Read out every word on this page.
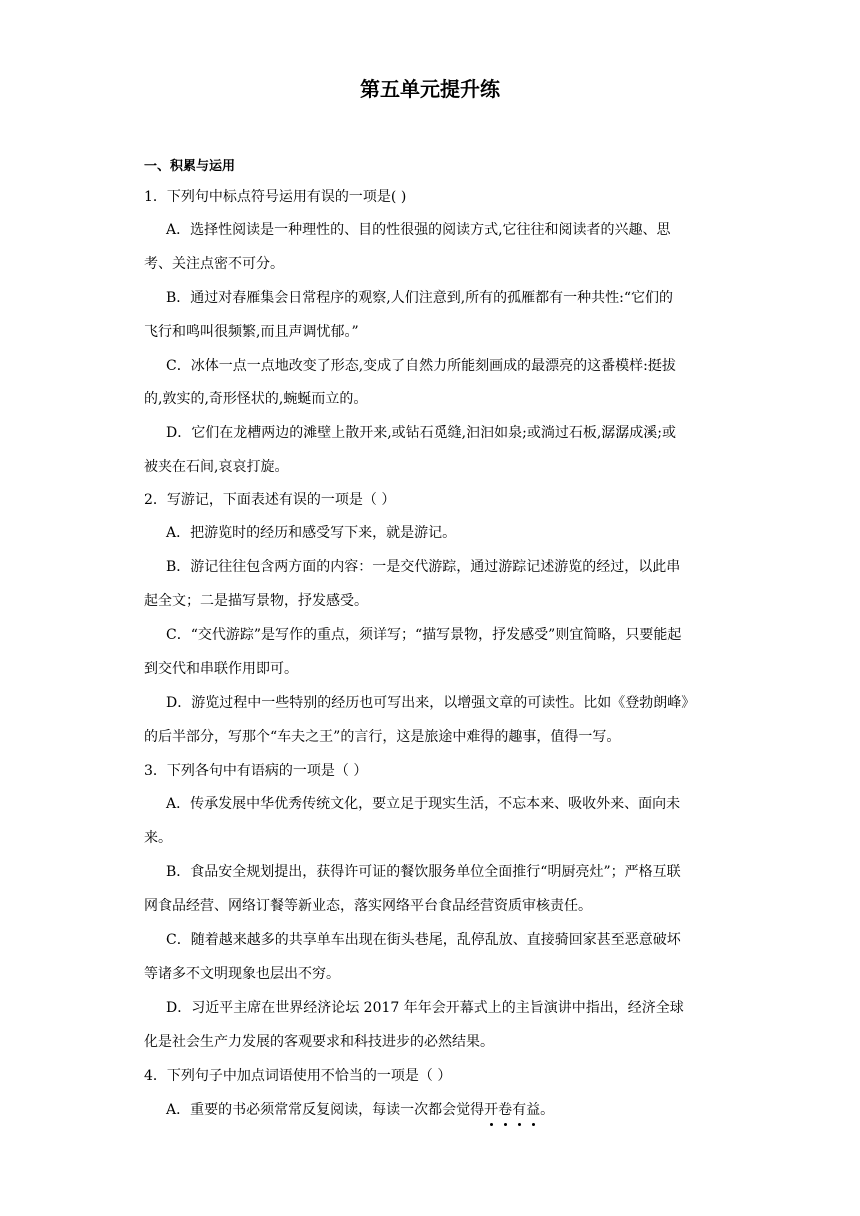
第五单元提升练
一、积累与运用
1．下列句中标点符号运用有误的一项是( )
A．选择性阅读是一种理性的、目的性很强的阅读方式,它往往和阅读者的兴趣、思
考、关注点密不可分。
B．通过对春雁集会日常程序的观察,人们注意到,所有的孤雁都有一种共性:“它们的
飞行和鸣叫很频繁,而且声调忧郁。”
C．冰体一点一点地改变了形态,变成了自然力所能刻画成的最漂亮的这番模样:挺拔
的,敦实的,奇形怪状的,蜿蜒而立的。
D．它们在龙槽两边的滩壁上散开来,或钻石觅缝,汩汩如泉;或淌过石板,潺潺成溪;或
被夹在石间,哀哀打旋。
2．写游记，下面表述有误的一项是（ ）
A．把游览时的经历和感受写下来，就是游记。
B．游记往往包含两方面的内容：一是交代游踪，通过游踪记述游览的经过，以此串
起全文；二是描写景物，抒发感受。
C．“交代游踪”是写作的重点，须详写；“描写景物，抒发感受”则宜简略，只要能起
到交代和串联作用即可。
D．游览过程中一些特别的经历也可写出来，以增强文章的可读性。比如《登勃朗峰》
的后半部分，写那个“车夫之王”的言行，这是旅途中难得的趣事，值得一写。
3．下列各句中有语病的一项是（ ）
A．传承发展中华优秀传统文化，要立足于现实生活，不忘本来、吸收外来、面向未
来。
B．食品安全规划提出，获得许可证的餐饮服务单位全面推行“明厨亮灶”；严格互联
网食品经营、网络订餐等新业态，落实网络平台食品经营资质审核责任。
C．随着越来越多的共享单车出现在街头巷尾，乱停乱放、直接骑回家甚至恶意破坏
等诸多不文明现象也层出不穷。
D．习近平主席在世界经济论坛 2017 年年会开幕式上的主旨演讲中指出，经济全球
化是社会生产力发展的客观要求和科技进步的必然结果。
4．下列句子中加点词语使用不恰当的一项是（ ）
A．重要的书必须常常反复阅读，每读一次都会觉得开卷有益。
